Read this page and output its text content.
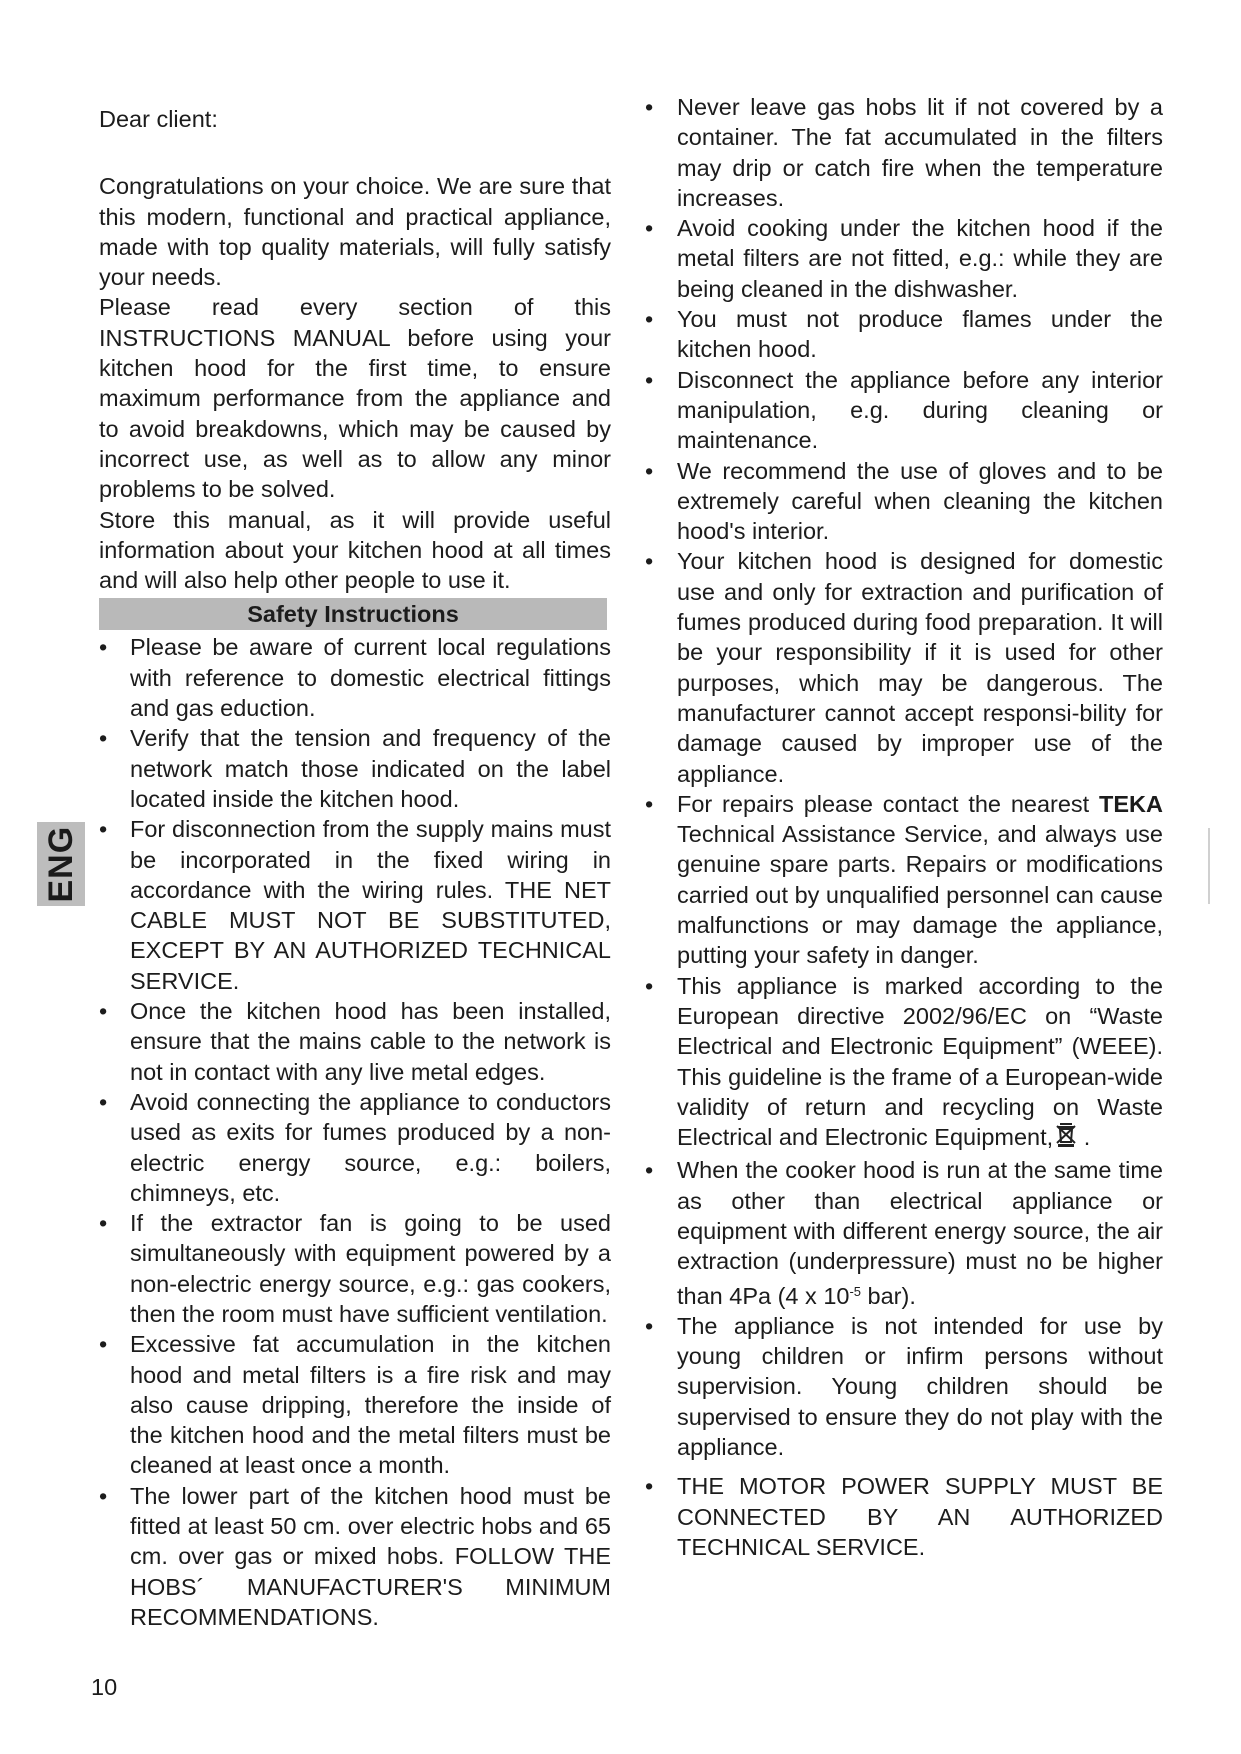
ENG

Dear client:

Congratulations on your choice. We are sure that this modern, functional and practical appliance, made with top quality materials, will fully satisfy your needs.

Please read every section of this INSTRUCTIONS MANUAL before using your kitchen hood for the first time, to ensure maximum performance from the appliance and to avoid breakdowns, which may be caused by incorrect use, as well as to allow any minor problems to be solved.

Store this manual, as it will provide useful information about your kitchen hood at all times and will also help other people to use it.

Safety Instructions
• Please be aware of current local regulations with reference to domestic electrical fittings and gas eduction.
• Verify that the tension and frequency of the network match those indicated on the label located inside the kitchen hood.
• For disconnection from the supply mains must be incorporated in the fixed wiring in accordance with the wiring rules. THE NET CABLE MUST NOT BE SUBSTITUTED, EXCEPT BY AN AUTHORIZED TECHNICAL SERVICE.
• Once the kitchen hood has been installed, ensure that the mains cable to the network is not in contact with any live metal edges.
• Avoid connecting the appliance to conductors used as exits for fumes produced by a non-electric energy source, e.g.: boilers, chimneys, etc.
• If the extractor fan is going to be used simultaneously with equipment powered by a non-electric energy source, e.g.: gas cookers, then the room must have sufficient ventilation.
• Excessive fat accumulation in the kitchen hood and metal filters is a fire risk and may also cause dripping, therefore the inside of the kitchen hood and the metal filters must be cleaned at least once a month.
• The lower part of the kitchen hood must be fitted at least 50 cm. over electric hobs and 65 cm. over gas or mixed hobs. FOLLOW THE HOBS´ MANUFACTURER'S MINIMUM RECOMMENDATIONS.
• Never leave gas hobs lit if not covered by a container. The fat accumulated in the filters may drip or catch fire when the temperature increases.
• Avoid cooking under the kitchen hood if the metal filters are not fitted, e.g.: while they are being cleaned in the dishwasher.
• You must not produce flames under the kitchen hood.
• Disconnect the appliance before any interior manipulation, e.g. during cleaning or maintenance.
• We recommend the use of gloves and to be extremely careful when cleaning the kitchen hood's interior.
• Your kitchen hood is designed for domestic use and only for extraction and purification of fumes produced during food preparation. It will be your responsibility if it is used for other purposes, which may be dangerous. The manufacturer cannot accept responsi-bility for damage caused by improper use of the appliance.
• For repairs please contact the nearest TEKA Technical Assistance Service, and always use genuine spare parts. Repairs or modifications carried out by unqualified personnel can cause malfunctions or may damage the appliance, putting your safety in danger.
• This appliance is marked according to the European directive 2002/96/EC on “Waste Electrical and Electronic Equipment” (WEEE). This guideline is the frame of a European-wide validity of return and recycling on Waste Electrical and Electronic Equipment, .
• When the cooker hood is run at the same time as other than electrical appliance or equipment with different energy source, the air extraction (underpressure) must no be higher than 4Pa (4 x $10^{-5}$ bar).
• The appliance is not intended for use by young children or infirm persons without supervision. Young children should be supervised to ensure they do not play with the appliance.
• THE MOTOR POWER SUPPLY MUST BE CONNECTED BY AN AUTHORIZED TECHNICAL SERVICE.
10
